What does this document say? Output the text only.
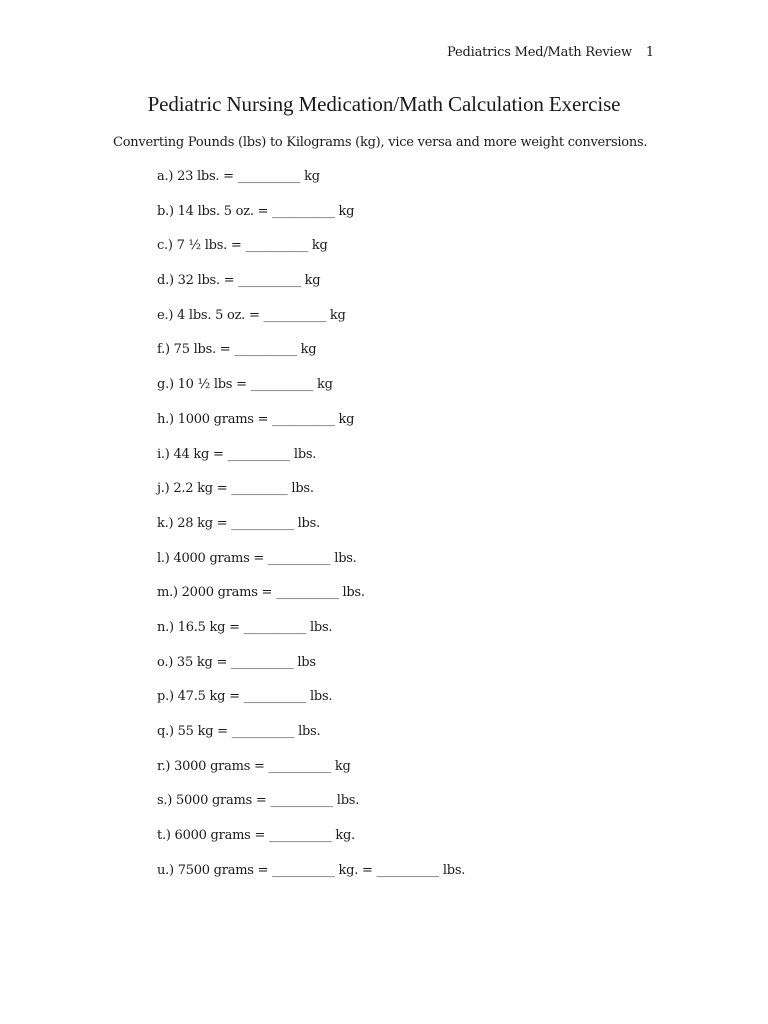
Pediatrics Med/Math Review 1
Pediatric Nursing Medication/Math Calculation Exercise
Converting Pounds (lbs) to Kilograms (kg), vice versa and more weight conversions.
a.) 23 lbs. = __________ kg
b.) 14 lbs. 5 oz. = __________ kg
c.) 7 ½ lbs. = __________ kg
d.) 32 lbs. = __________ kg
e.) 4 lbs. 5 oz. = __________ kg
f.) 75 lbs. = __________ kg
g.) 10 ½ lbs = __________ kg
h.) 1000 grams = __________ kg
i.) 44 kg = __________ lbs.
j.) 2.2 kg = _________ lbs.
k.) 28 kg = __________ lbs.
l.) 4000 grams = __________ lbs.
m.) 2000 grams = __________ lbs.
n.) 16.5 kg = __________ lbs.
o.) 35 kg = __________ lbs
p.) 47.5 kg = __________ lbs.
q.) 55 kg = __________ lbs.
r.) 3000 grams = __________ kg
s.) 5000 grams = __________ lbs.
t.) 6000 grams = __________ kg.
u.) 7500 grams = __________ kg. = __________ lbs.
